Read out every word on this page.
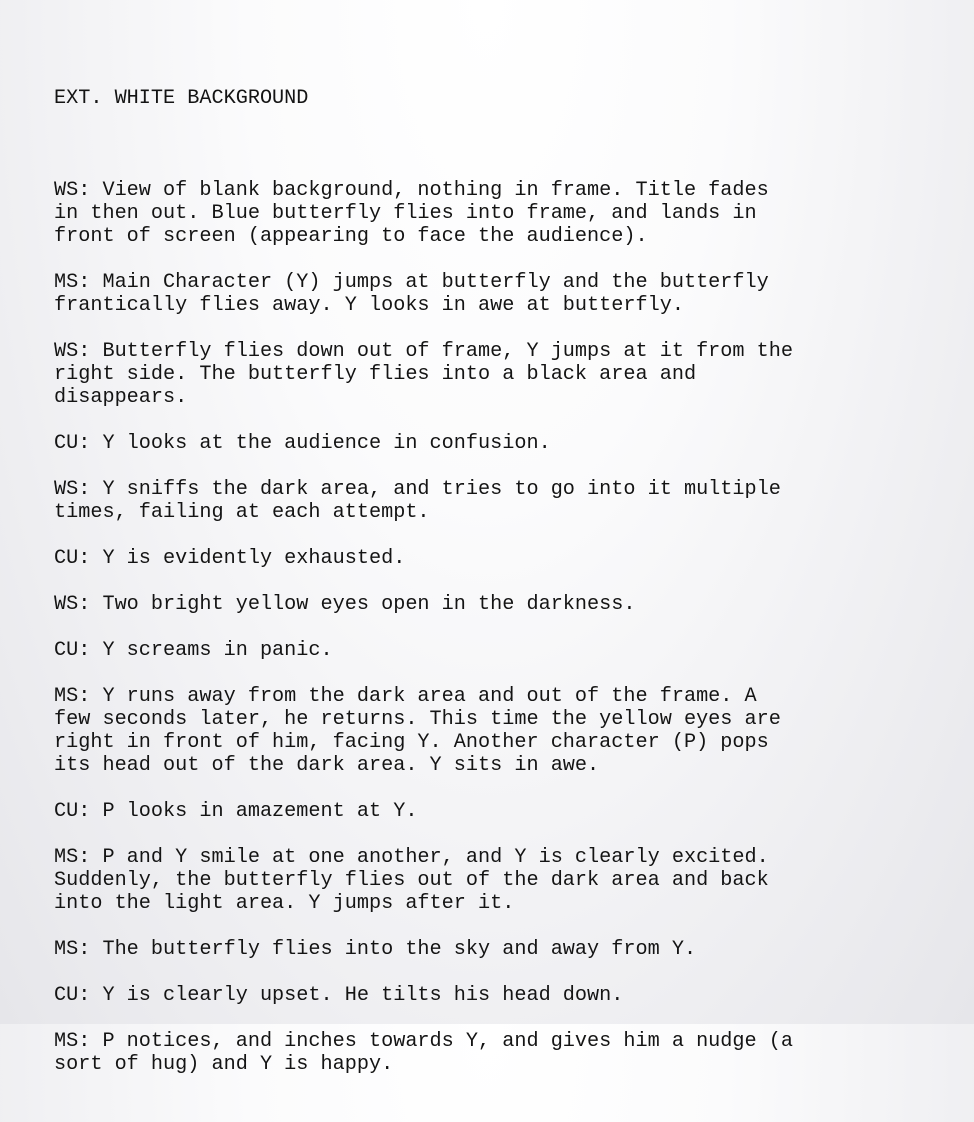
EXT. WHITE BACKGROUND

WS: View of blank background, nothing in frame. Title fades
in then out. Blue butterfly flies into frame, and lands in
front of screen (appearing to face the audience).
MS: Main Character (Y) jumps at butterfly and the butterfly
frantically flies away. Y looks in awe at butterfly.
WS: Butterfly flies down out of frame, Y jumps at it from the
right side. The butterfly flies into a black area and
disappears.
CU: Y looks at the audience in confusion.
WS: Y sniffs the dark area, and tries to go into it multiple
times, failing at each attempt.
CU: Y is evidently exhausted.
WS: Two bright yellow eyes open in the darkness.
CU: Y screams in panic.
MS: Y runs away from the dark area and out of the frame. A
few seconds later, he returns. This time the yellow eyes are
right in front of him, facing Y. Another character (P) pops
its head out of the dark area. Y sits in awe.
CU: P looks in amazement at Y.
MS: P and Y smile at one another, and Y is clearly excited.
Suddenly, the butterfly flies out of the dark area and back
into the light area. Y jumps after it.
MS: The butterfly flies into the sky and away from Y.
CU: Y is clearly upset. He tilts his head down.
MS: P notices, and inches towards Y, and gives him a nudge (a
sort of hug) and Y is happy.
